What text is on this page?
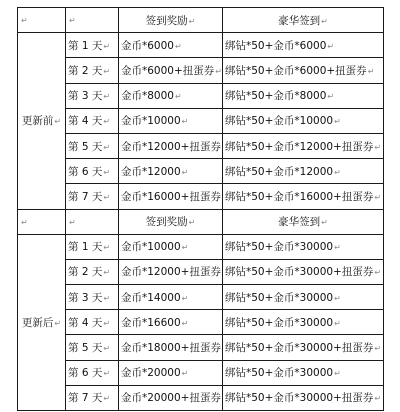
↵	↵	签到奖励↵	豪华签到↵
更新前↵	第 1 天↵	金币*6000↵	绑钻*50+金币*6000↵
	第 2 天↵	金币*6000+扭蛋券↵	绑钻*50+金币*6000+扭蛋券↵
	第 3 天↵	金币*8000↵	绑钻*50+金币*8000↵
	第 4 天↵	金币*10000↵	绑钻*50+金币*10000↵
	第 5 天↵	金币*12000+扭蛋券	绑钻*50+金币*12000+扭蛋券↵
	第 6 天↵	金币*12000↵	绑钻*50+金币*12000↵
	第 7 天↵	金币*16000+扭蛋券	绑钻*50+金币*16000+扭蛋券↵
↵	↵	签到奖励↵	豪华签到↵
更新后↵	第 1 天↵	金币*10000↵	绑钻*50+金币*30000↵
	第 2 天↵	金币*12000+扭蛋券	绑钻*50+金币*30000+扭蛋券↵
	第 3 天↵	金币*14000↵	绑钻*50+金币*30000↵
	第 4 天↵	金币*16600↵	绑钻*50+金币*30000↵
	第 5 天↵	金币*18000+扭蛋券	绑钻*50+金币*30000+扭蛋券↵
	第 6 天↵	金币*20000↵	绑钻*50+金币*30000↵
	第 7 天↵	金币*20000+扭蛋券	绑钻*50+金币*30000+扭蛋券↵
